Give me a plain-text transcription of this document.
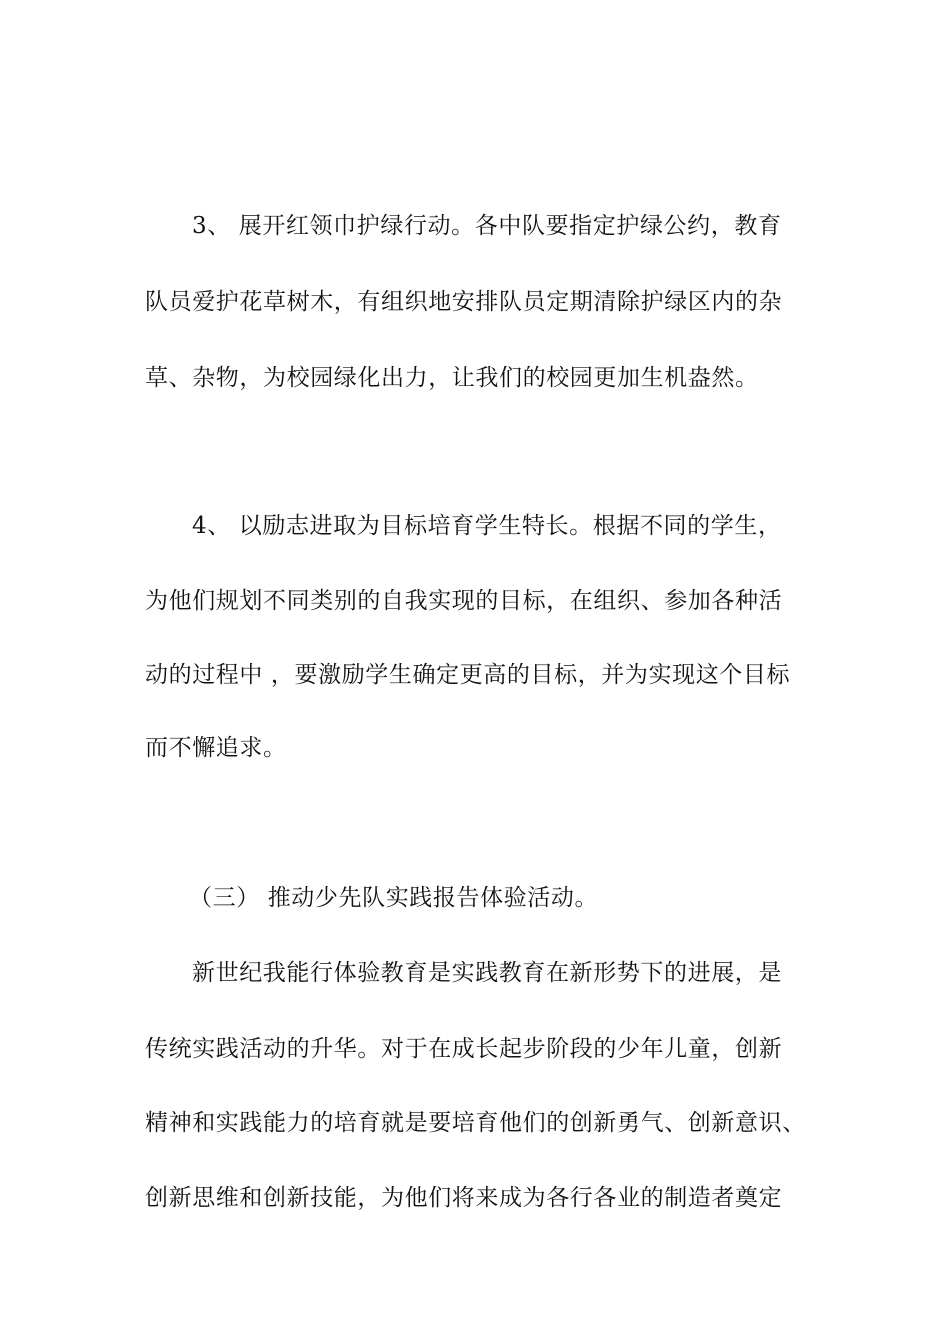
3、 展开红领巾护绿行动。各中队要指定护绿公约，教育
队员爱护花草树木，有组织地安排队员定期清除护绿区内的杂
草、杂物，为校园绿化出力，让我们的校园更加生机盎然。
4、 以励志进取为目标培育学生特长。根据不同的学生，
为他们规划不同类别的自我实现的目标，在组织、参加各种活
动的过程中 ，要激励学生确定更高的目标，并为实现这个目标
而不懈追求。
（三） 推动少先队实践报告体验活动。
新世纪我能行体验教育是实践教育在新形势下的进展，是
传统实践活动的升华。对于在成长起步阶段的少年儿童，创新
精神和实践能力的培育就是要培育他们的创新勇气、创新意识、
创新思维和创新技能，为他们将来成为各行各业的制造者奠定
